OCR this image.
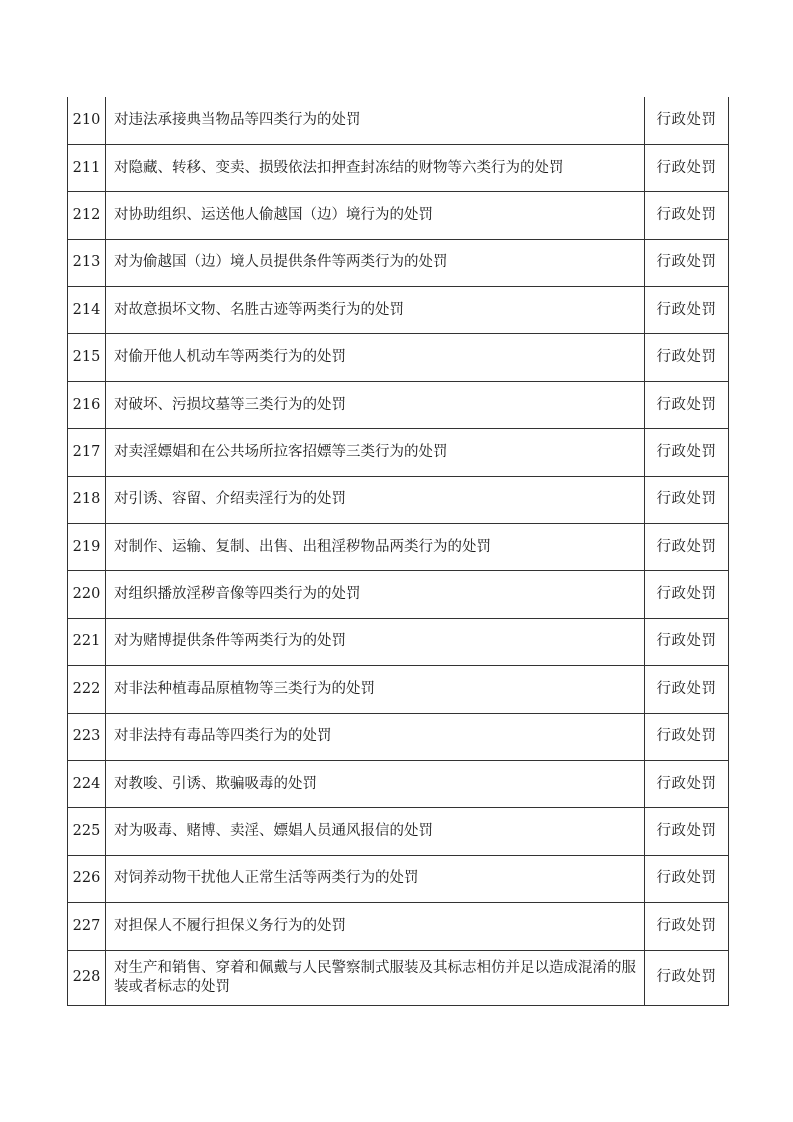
210	对违法承接典当物品等四类行为的处罚	行政处罚
211	对隐藏、转移、变卖、损毁依法扣押查封冻结的财物等六类行为的处罚	行政处罚
212	对协助组织、运送他人偷越国（边）境行为的处罚	行政处罚
213	对为偷越国（边）境人员提供条件等两类行为的处罚	行政处罚
214	对故意损坏文物、名胜古迹等两类行为的处罚	行政处罚
215	对偷开他人机动车等两类行为的处罚	行政处罚
216	对破坏、污损坟墓等三类行为的处罚	行政处罚
217	对卖淫嫖娼和在公共场所拉客招嫖等三类行为的处罚	行政处罚
218	对引诱、容留、介绍卖淫行为的处罚	行政处罚
219	对制作、运输、复制、出售、出租淫秽物品两类行为的处罚	行政处罚
220	对组织播放淫秽音像等四类行为的处罚	行政处罚
221	对为赌博提供条件等两类行为的处罚	行政处罚
222	对非法种植毒品原植物等三类行为的处罚	行政处罚
223	对非法持有毒品等四类行为的处罚	行政处罚
224	对教唆、引诱、欺骗吸毒的处罚	行政处罚
225	对为吸毒、赌博、卖淫、嫖娼人员通风报信的处罚	行政处罚
226	对饲养动物干扰他人正常生活等两类行为的处罚	行政处罚
227	对担保人不履行担保义务行为的处罚	行政处罚
228	对生产和销售、穿着和佩戴与人民警察制式服装及其标志相仿并足以造成混淆的服装或者标志的处罚	行政处罚
